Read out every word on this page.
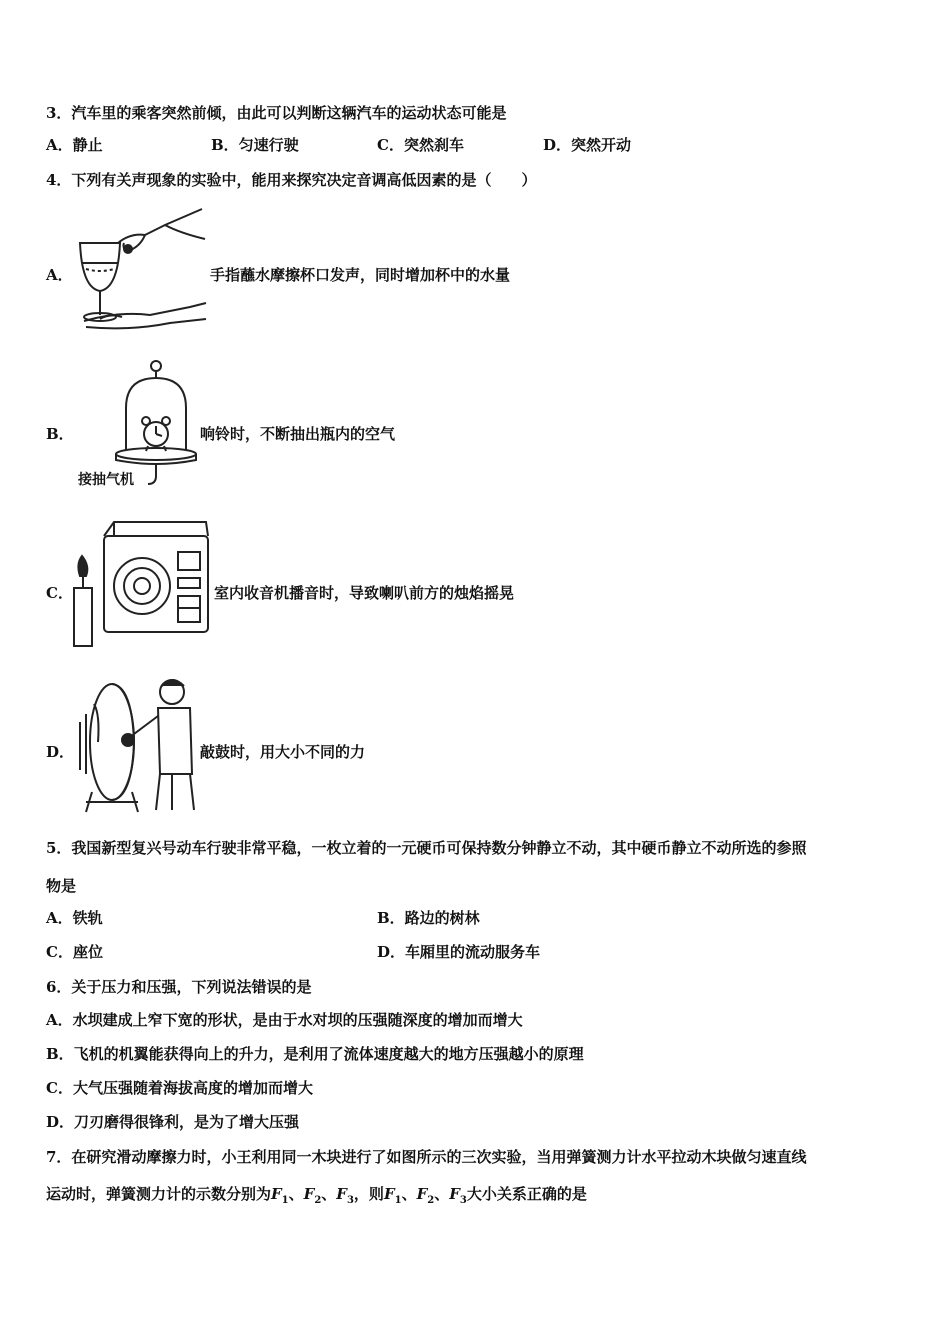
3．汽车里的乘客突然前倾，由此可以判断这辆汽车的运动状态可能是
A．静止	B．匀速行驶	C．突然刹车	D．突然开动
4．下列有关声现象的实验中，能用来探究决定音调高低因素的是（　　）
A．	手指蘸水摩擦杯口发声，同时增加杯中的水量
B．
接抽气机
响铃时，不断抽出瓶内的空气
C．	室内收音机播音时，导致喇叭前方的烛焰摇晃
D．	敲鼓时，用大小不同的力
5．我国新型复兴号动车行驶非常平稳，一枚立着的一元硬币可保持数分钟静立不动，其中硬币静立不动所选的参照
物是
A．铁轨	B．路边的树林
C．座位	D．车厢里的流动服务车
6．关于压力和压强，下列说法错误的是
A．水坝建成上窄下宽的形状，是由于水对坝的压强随深度的增加而增大
B．飞机的机翼能获得向上的升力，是利用了流体速度越大的地方压强越小的原理
C．大气压强随着海拔高度的增加而增大
D．刀刃磨得很锋利，是为了增大压强
7．在研究滑动摩擦力时，小王利用同一木块进行了如图所示的三次实验，当用弹簧测力计水平拉动木块做匀速直线
运动时，弹簧测力计的示数分别为$F_1$、$F_2$、$F_3$，则$F_1$、$F_2$、$F_3$大小关系正确的是
